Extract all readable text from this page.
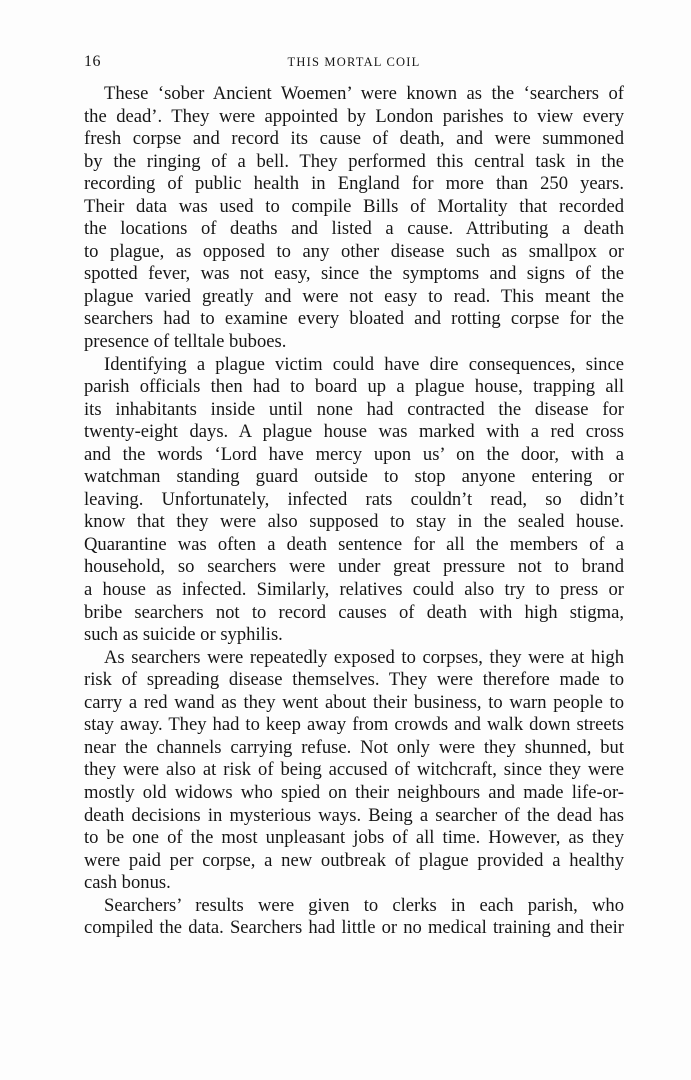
16	THIS MORTAL COIL
These ‘sober Ancient Woemen’ were known as the ‘searchers of
the dead’. They were appointed by London parishes to view every
fresh corpse and record its cause of death, and were summoned
by the ringing of a bell. They performed this central task in the
recording of public health in England for more than 250 years.
Their data was used to compile Bills of Mortality that recorded
the locations of deaths and listed a cause. Attributing a death
to plague, as opposed to any other disease such as smallpox or
spotted fever, was not easy, since the symptoms and signs of the
plague varied greatly and were not easy to read. This meant the
searchers had to examine every bloated and rotting corpse for the
presence of telltale buboes.
Identifying a plague victim could have dire consequences, since
parish officials then had to board up a plague house, trapping all
its inhabitants inside until none had contracted the disease for
twenty-eight days. A plague house was marked with a red cross
and the words ‘Lord have mercy upon us’ on the door, with a
watchman standing guard outside to stop anyone entering or
leaving. Unfortunately, infected rats couldn’t read, so didn’t
know that they were also supposed to stay in the sealed house.
Quarantine was often a death sentence for all the members of a
household, so searchers were under great pressure not to brand
a house as infected. Similarly, relatives could also try to press or
bribe searchers not to record causes of death with high stigma,
such as suicide or syphilis.
As searchers were repeatedly exposed to corpses, they were at high
risk of spreading disease themselves. They were therefore made to
carry a red wand as they went about their business, to warn people to
stay away. They had to keep away from crowds and walk down streets
near the channels carrying refuse. Not only were they shunned, but
they were also at risk of being accused of witchcraft, since they were
mostly old widows who spied on their neighbours and made life-or-
death decisions in mysterious ways. Being a searcher of the dead has
to be one of the most unpleasant jobs of all time. However, as they
were paid per corpse, a new outbreak of plague provided a healthy
cash bonus.
Searchers’ results were given to clerks in each parish, who
compiled the data. Searchers had little or no medical training and their
